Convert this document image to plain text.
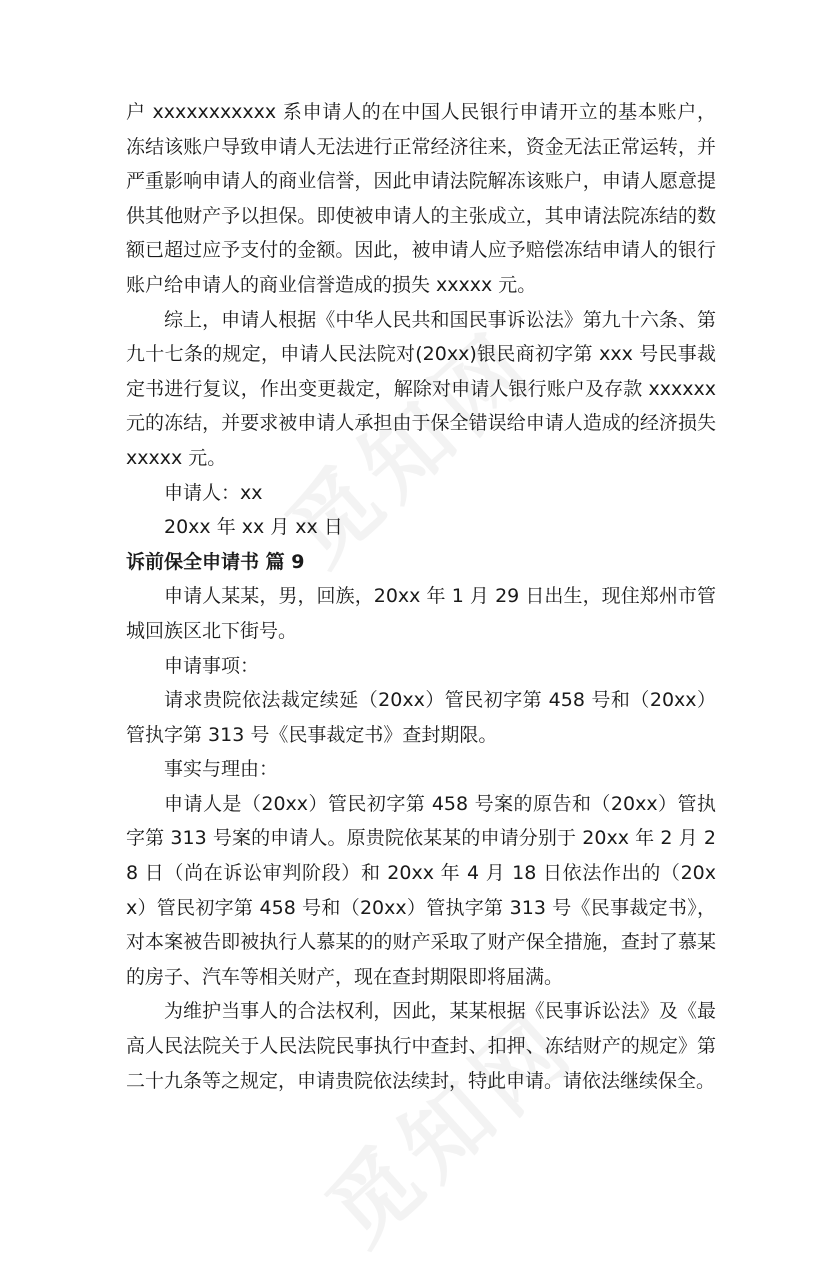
户 xxxxxxxxxxx 系申请人的在中国人民银行申请开立的基本账户，冻结该账户导致申请人无法进行正常经济往来，资金无法正常运转，并严重影响申请人的商业信誉，因此申请法院解冻该账户，申请人愿意提供其他财产予以担保。即使被申请人的主张成立，其申请法院冻结的数额已超过应予支付的金额。因此，被申请人应予赔偿冻结申请人的银行账户给申请人的商业信誉造成的损失 xxxxx 元。

综上，申请人根据《中华人民共和国民事诉讼法》第九十六条、第九十七条的规定，申请人民法院对(20xx)银民商初字第 xxx 号民事裁定书进行复议，作出变更裁定，解除对申请人银行账户及存款 xxxxxx 元的冻结，并要求被申请人承担由于保全错误给申请人造成的经济损失 xxxxx 元。

申请人：xx

20xx 年 xx 月 xx 日

诉前保全申请书 篇 9

申请人某某，男，回族，20xx 年 1 月 29 日出生，现住郑州市管城回族区北下街号。

申请事项：

请求贵院依法裁定续延（20xx）管民初字第 458 号和（20xx）管执字第 313 号《民事裁定书》查封期限。

事实与理由：

申请人是（20xx）管民初字第 458 号案的原告和（20xx）管执字第 313 号案的申请人。原贵院依某某的申请分别于 20xx 年 2 月 28 日（尚在诉讼审判阶段）和 20xx 年 4 月 18 日依法作出的（20xx）管民初字第 458 号和（20xx）管执字第 313 号《民事裁定书》，对本案被告即被执行人慕某的的财产采取了财产保全措施，查封了慕某的房子、汽车等相关财产，现在查封期限即将届满。

为维护当事人的合法权利，因此，某某根据《民事诉讼法》及《最高人民法院关于人民法院民事执行中查封、扣押、冻结财产的规定》第二十九条等之规定，申请贵院依法续封，特此申请。请依法继续保全。
